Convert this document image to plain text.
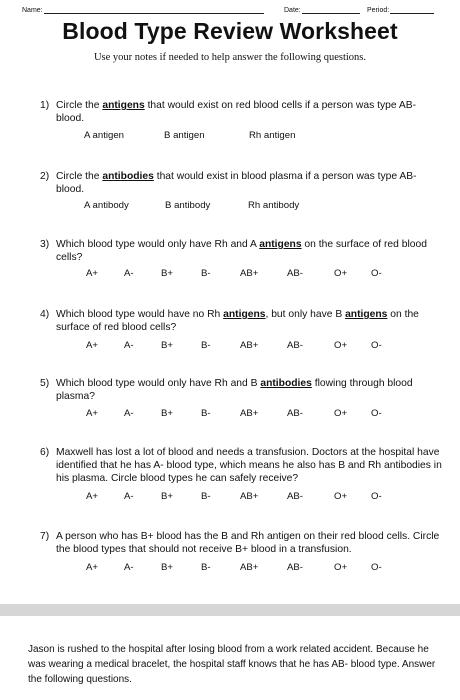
Name:	Date:	Period:
Blood Type Review Worksheet
Use your notes if needed to help answer the following questions.
1) Circle the antigens that would exist on red blood cells if a person was type AB- blood.
A antigen	B antigen	Rh antigen
2) Circle the antibodies that would exist in blood plasma if a person was type AB- blood.
A antibody	B antibody	Rh antibody
3) Which blood type would only have Rh and A antigens on the surface of red blood cells?
A+	A-	B+	B-	AB+	AB-	O+ O-
4) Which blood type would have no Rh antigens, but only have B antigens on the surface of red blood cells?
A+	A-	B+	B-	AB+	AB-	O+ O-
5) Which blood type would only have Rh and B antibodies flowing through blood plasma?
A+	A-	B+	B-	AB+	AB-	O+ O-
6) Maxwell has lost a lot of blood and needs a transfusion. Doctors at the hospital have identified that he has A- blood type, which means he also has B and Rh antibodies in his plasma. Circle blood types he can safely receive?
A+	A-	B+	B-	AB+	AB-	O+ O-
7) A person who has B+ blood has the B and Rh antigen on their red blood cells. Circle the blood types that should not receive B+ blood in a transfusion.
A+	A-	B+	B-	AB+	AB-	O+ O-
Jason is rushed to the hospital after losing blood from a work related accident. Because he was wearing a medical bracelet, the hospital staff knows that he has AB- blood type. Answer the following questions.
